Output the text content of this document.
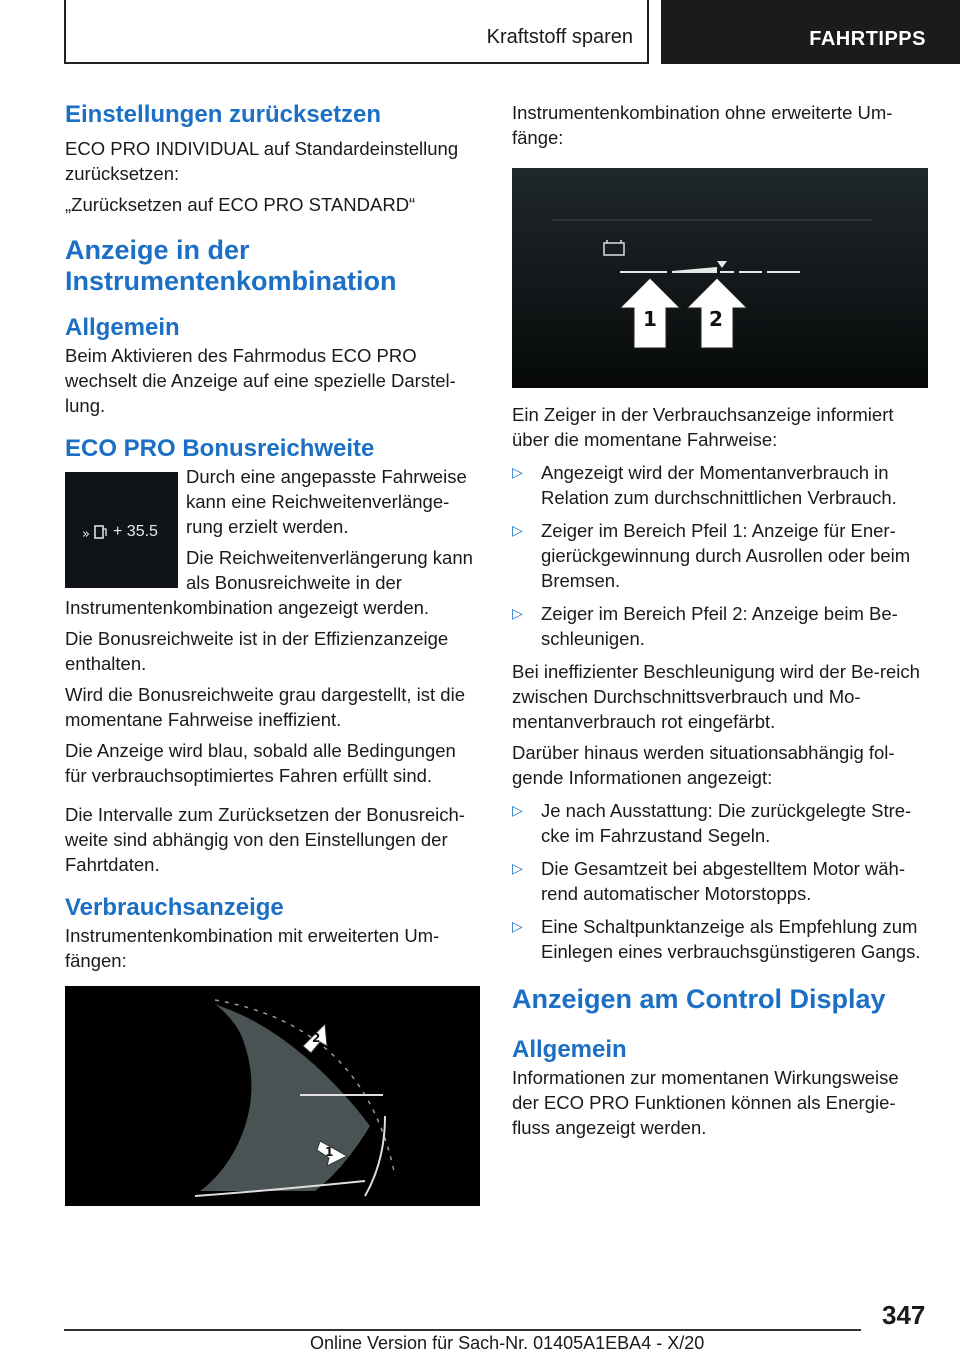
Kraftstoff sparen	FAHRTIPPS
Einstellungen zurücksetzen

ECO PRO INDIVIDUAL auf Standardeinstellung zurücksetzen:

„Zurücksetzen auf ECO PRO STANDARD“

Anzeige in der Instrumentenkombination
Allgemein

Beim Aktivieren des Fahrmodus ECO PRO wechselt die Anzeige auf eine spezielle Darstel-lung.

ECO PRO Bonusreichweite
» + 35.5

Durch eine angepasste Fahrweise kann eine Reichweitenverlänge-rung erzielt werden.

Die Reichweitenverlängerung kann als Bonusreichweite in der

Instrumentenkombination angezeigt werden.

Die Bonusreichweite ist in der Effizienzanzeige enthalten.

Wird die Bonusreichweite grau dargestellt, ist die momentane Fahrweise ineffizient.

Die Anzeige wird blau, sobald alle Bedingungen für verbrauchsoptimiertes Fahren erfüllt sind.

Die Intervalle zum Zurücksetzen der Bonusreich-weite sind abhängig von den Einstellungen der Fahrtdaten.

Verbrauchsanzeige

Instrumentenkombination mit erweiterten Um-fängen:

2
1

Instrumentenkombination ohne erweiterte Um-fänge:

1	2

Ein Zeiger in der Verbrauchsanzeige informiert über die momentane Fahrweise:

▷ Angezeigt wird der Momentanverbrauch in Relation zum durchschnittlichen Verbrauch.
▷ Zeiger im Bereich Pfeil 1: Anzeige für Ener-gierückgewinnung durch Ausrollen oder beim Bremsen.
▷ Zeiger im Bereich Pfeil 2: Anzeige beim Be-schleunigen.

Bei ineffizienter Beschleunigung wird der Be-reich zwischen Durchschnittsverbrauch und Mo-mentanverbrauch rot eingefärbt.

Darüber hinaus werden situationsabhängig fol-gende Informationen angezeigt:

▷ Je nach Ausstattung: Die zurückgelegte Stre-cke im Fahrzustand Segeln.
▷ Die Gesamtzeit bei abgestelltem Motor wäh-rend automatischer Motorstopps.
▷ Eine Schaltpunktanzeige als Empfehlung zum Einlegen eines verbrauchsgünstigeren Gangs.
Anzeigen am Control Display
Allgemein

Informationen zur momentanen Wirkungsweise der ECO PRO Funktionen können als Energie-fluss angezeigt werden.

347
Online Version für Sach-Nr. 01405A1EBA4 - X/20
